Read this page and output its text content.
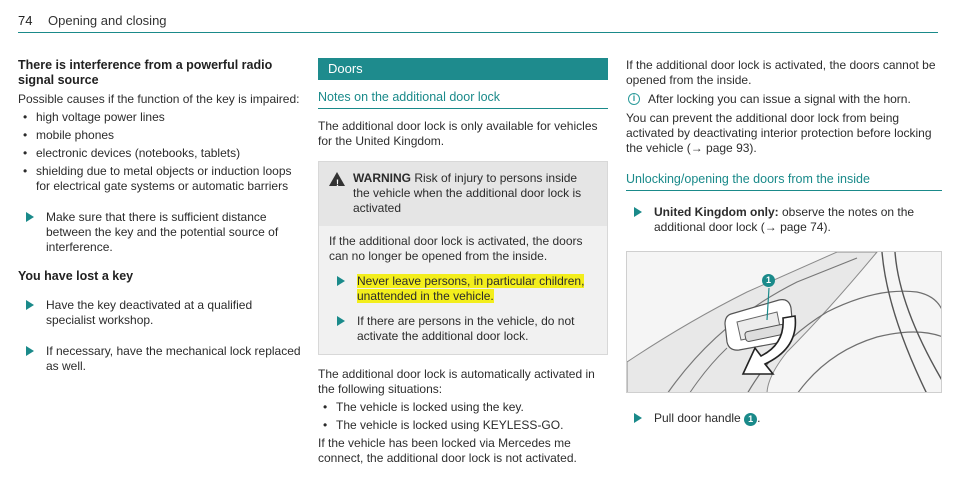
74 Opening and closing
There is interference from a powerful radio signal source

Possible causes if the function of the key is impaired:

• high voltage power lines
• mobile phones
• electronic devices (notebooks, tablets)
• shielding due to metal objects or induction loops for electrical gate systems or automatic barriers
Make sure that there is sufficient distance between the key and the potential source of interference.
You have lost a key
Have the key deactivated at a qualified specialist workshop.
If necessary, have the mechanical lock replaced as well.
Doors
Notes on the additional door lock

The additional door lock is only available for vehicles for the United Kingdom.

! WARNING Risk of injury to persons inside the vehicle when the additional door lock is activated

If the additional door lock is activated, the doors can no longer be opened from the inside.

Never leave persons, in particular children, unattended in the vehicle.
If there are persons in the vehicle, do not activate the additional door lock.

The additional door lock is automatically activated in the following situations:

• The vehicle is locked using the key.
• The vehicle is locked using KEYLESS-GO.

If the vehicle has been locked via Mercedes me connect, the additional door lock is not activated.

If the additional door lock is activated, the doors cannot be opened from the inside.

i	After locking you can issue a signal with the horn.

You can prevent the additional door lock from being activated by deactivating interior protection before locking the vehicle (→ page 93).

Unlocking/opening the doors from the inside
United Kingdom only: observe the notes on the additional door lock (→ page 74).
1
Pull door handle 1 .
